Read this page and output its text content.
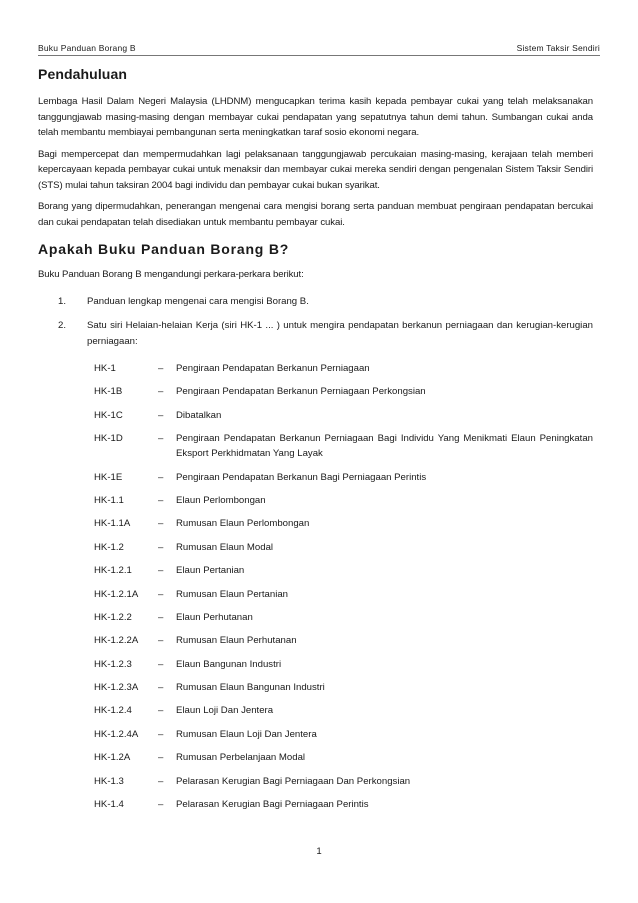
Buku Panduan Borang B	Sistem Taksir Sendiri
Pendahuluan

Lembaga Hasil Dalam Negeri Malaysia (LHDNM) mengucapkan terima kasih kepada pembayar cukai yang telah melaksanakan tanggungjawab masing-masing dengan membayar cukai pendapatan yang sepatutnya tahun demi tahun. Sumbangan cukai anda telah membantu membiayai pembangunan serta meningkatkan taraf sosio ekonomi negara.

Bagi mempercepat dan mempermudahkan lagi pelaksanaan tanggungjawab percukaian masing-masing, kerajaan telah memberi kepercayaan kepada pembayar cukai untuk menaksir dan membayar cukai mereka sendiri dengan pengenalan Sistem Taksir Sendiri (STS) mulai tahun taksiran 2004 bagi individu dan pembayar cukai bukan syarikat.

Borang yang dipermudahkan, penerangan mengenai cara mengisi borang serta panduan membuat pengiraan pendapatan bercukai dan cukai pendapatan telah disediakan untuk membantu pembayar cukai.

Apakah Buku Panduan Borang B?

Buku Panduan Borang B mengandungi perkara-perkara berikut:

1.	Panduan lengkap mengenai cara mengisi Borang B.
2.	Satu siri Helaian-helaian Kerja (siri HK-1 ... ) untuk mengira pendapatan berkanun perniagaan dan kerugian-kerugian perniagaan:
HK-1	–	Pengiraan Pendapatan Berkanun Perniagaan
HK-1B	–	Pengiraan Pendapatan Berkanun Perniagaan Perkongsian
HK-1C	–	Dibatalkan
HK-1D	–	Pengiraan Pendapatan Berkanun Perniagaan Bagi Individu Yang Menikmati Elaun Peningkatan Eksport Perkhidmatan Yang Layak
HK-1E	–	Pengiraan Pendapatan Berkanun Bagi Perniagaan Perintis
HK-1.1	–	Elaun Perlombongan
HK-1.1A	–	Rumusan Elaun Perlombongan
HK-1.2	–	Rumusan Elaun Modal
HK-1.2.1	–	Elaun Pertanian
HK-1.2.1A	–	Rumusan Elaun Pertanian
HK-1.2.2	–	Elaun Perhutanan
HK-1.2.2A	–	Rumusan Elaun Perhutanan
HK-1.2.3	–	Elaun Bangunan Industri
HK-1.2.3A	–	Rumusan Elaun Bangunan Industri
HK-1.2.4	–	Elaun Loji Dan Jentera
HK-1.2.4A	–	Rumusan Elaun Loji Dan Jentera
HK-1.2A	–	Rumusan Perbelanjaan Modal
HK-1.3	–	Pelarasan Kerugian Bagi Perniagaan Dan Perkongsian
HK-1.4	–	Pelarasan Kerugian Bagi Perniagaan Perintis
1
